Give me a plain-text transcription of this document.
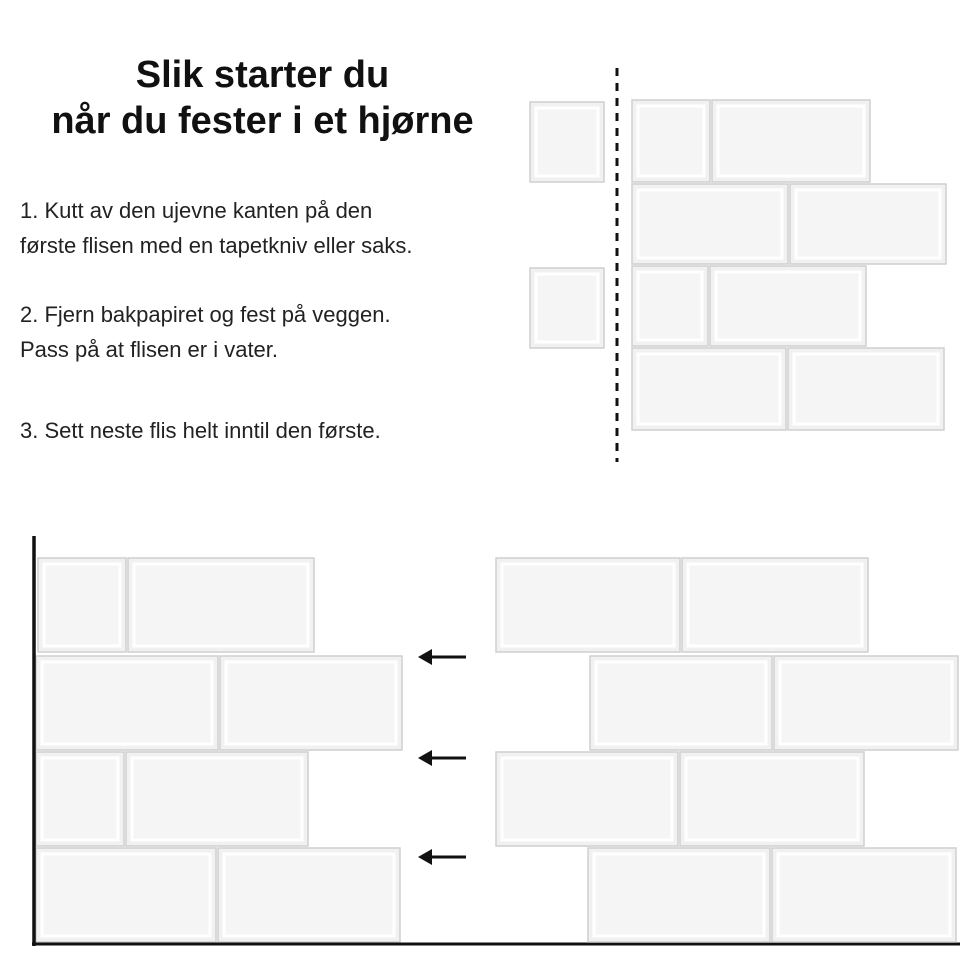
Slik starter du
når du fester i et hjørne
1. Kutt av den ujevne kanten på den
første flisen med en tapetkniv eller saks.
2. Fjern bakpapiret og fest på veggen.
Pass på at flisen er i vater.
3. Sett neste flis helt inntil den første.
